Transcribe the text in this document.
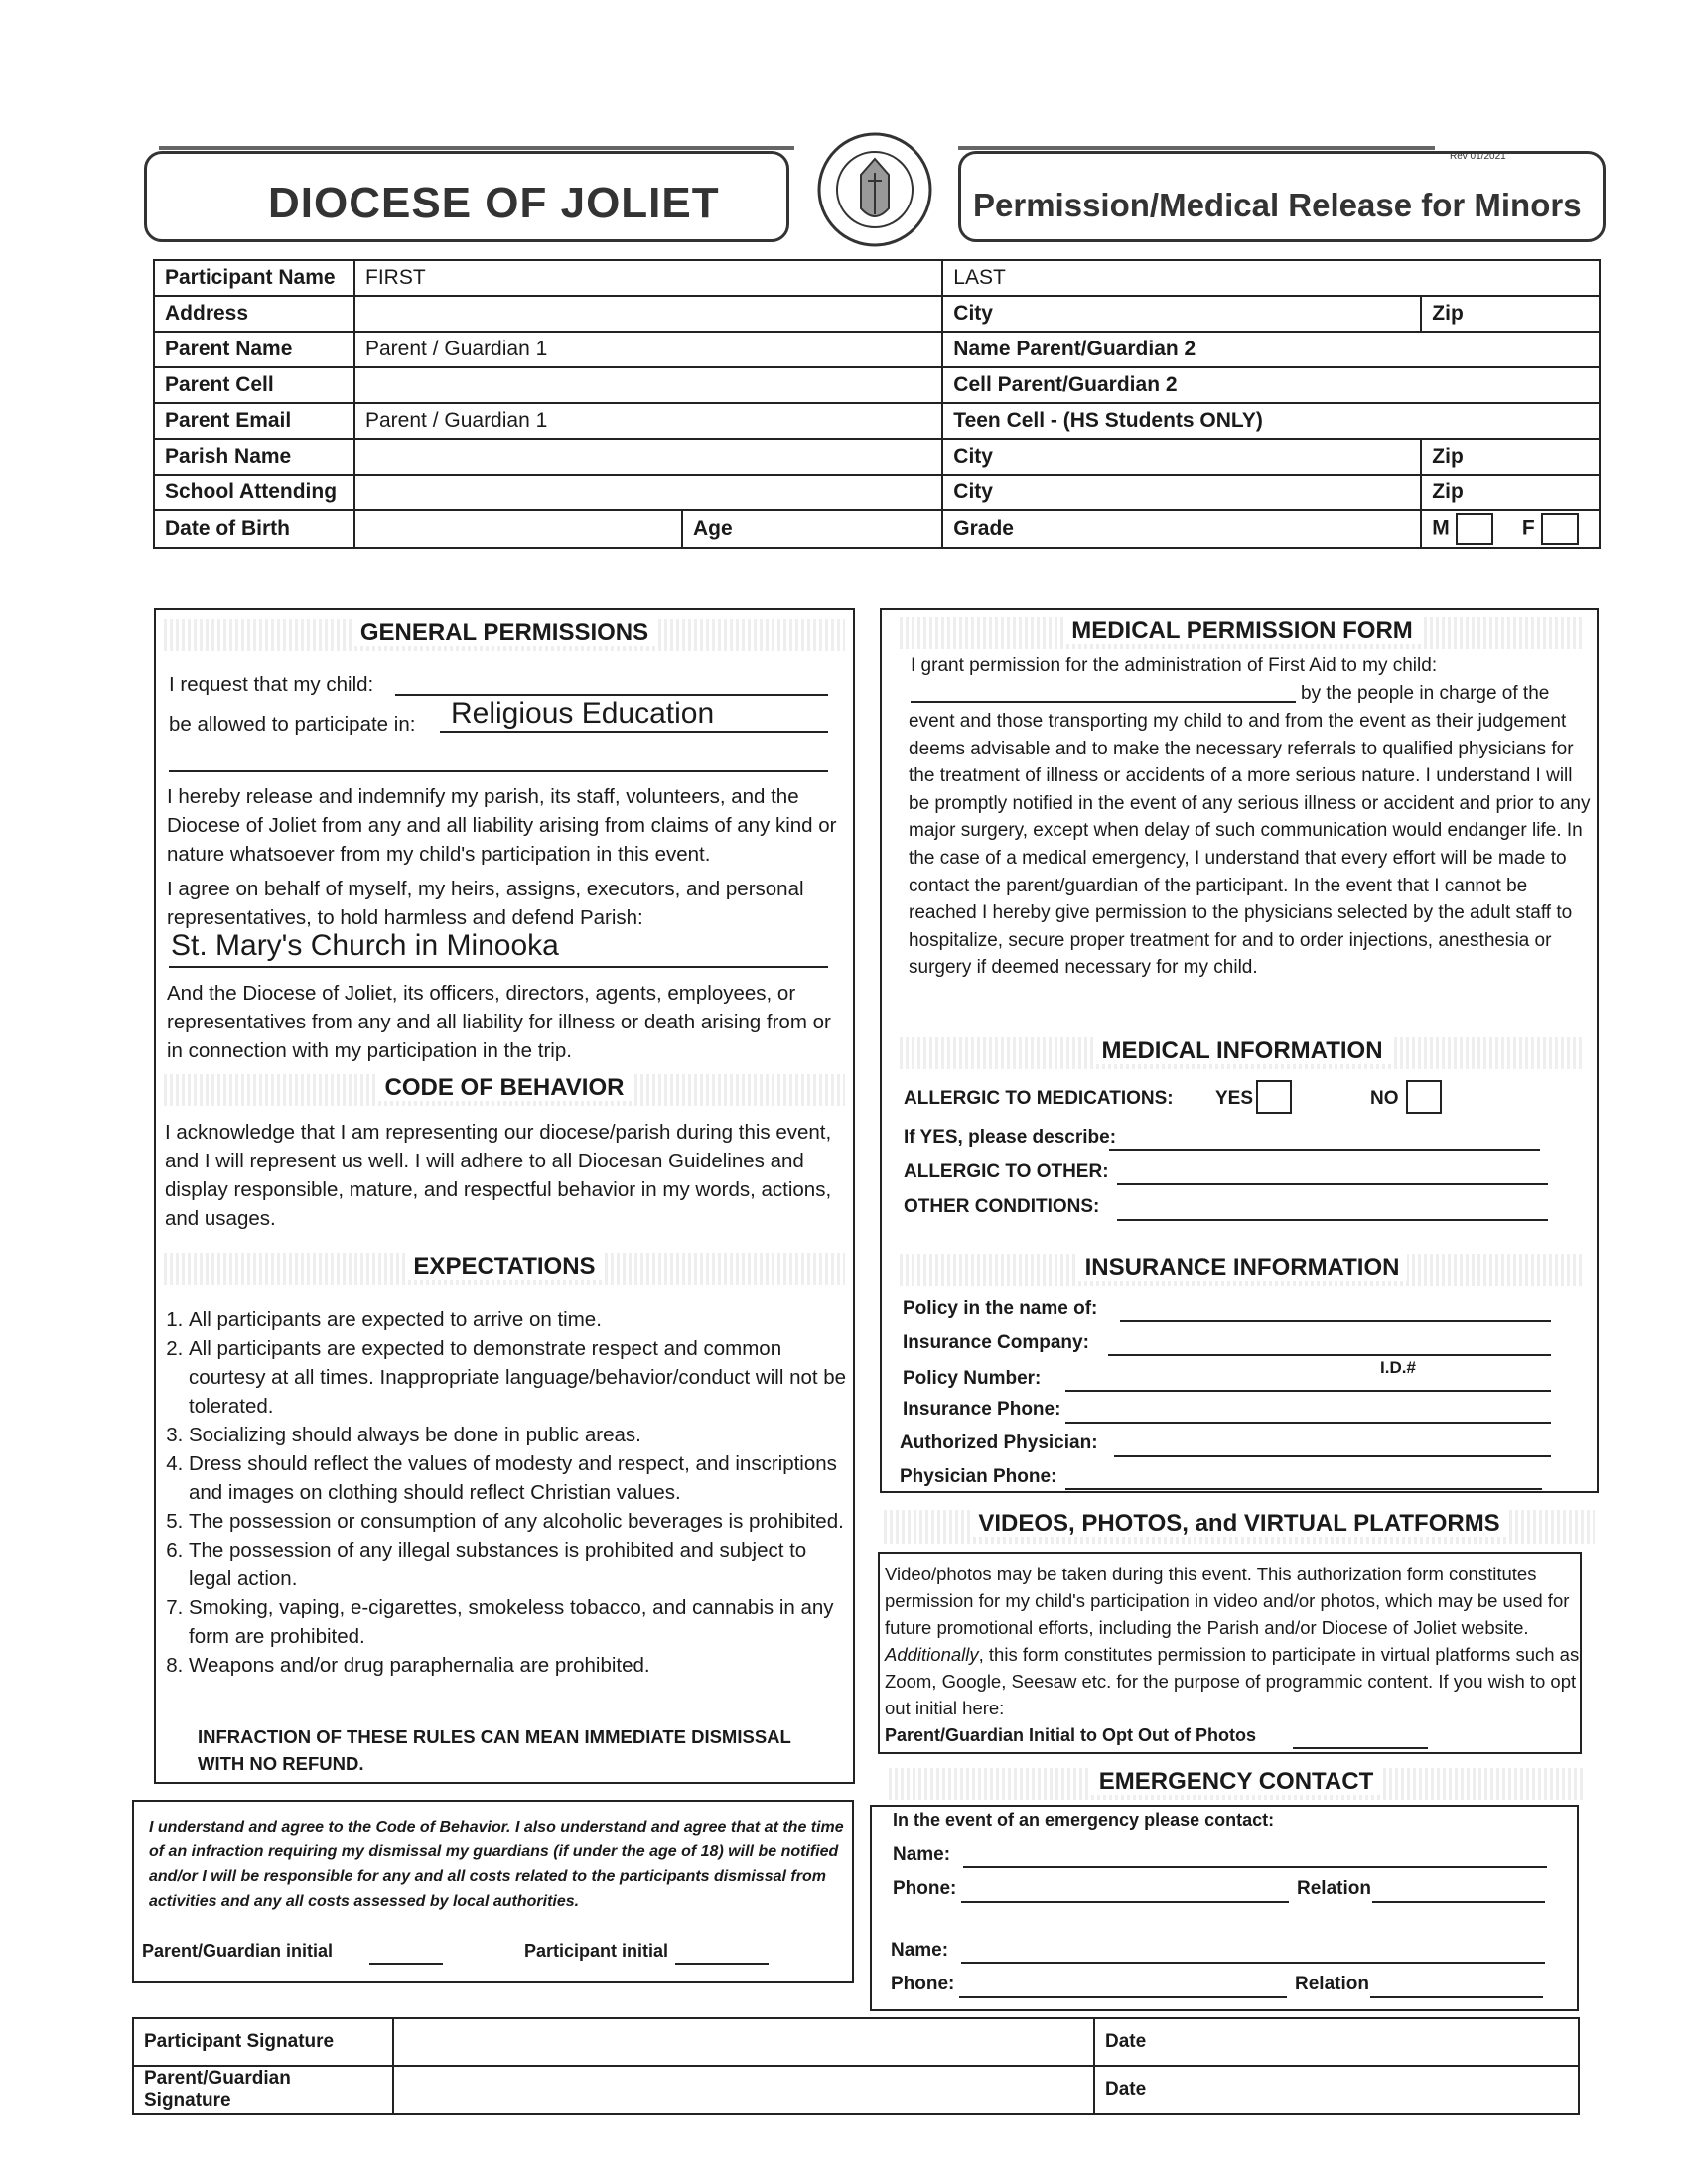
DIOCESE OF JOLIET	Permission/Medical Release for Minors
Rev 01/2021
Participant Name	FIRST		LAST	
Address			City	Zip
Parent Name	Parent / Guardian 1		Name Parent/Guardian 2	
Parent Cell			Cell Parent/Guardian 2	
Parent Email	Parent / Guardian 1		Teen Cell - (HS Students ONLY)	
Parish Name			City	Zip
School Attending			City	Zip
Date of Birth		Age	Grade	M F
GENERAL PERMISSIONS
I request that my child:
be allowed to participate in: Religious Education
I hereby release and indemnify my parish, its staff, volunteers, and the Diocese of Joliet from any and all liability arising from claims of any kind or nature whatsoever from my child's participation in this event.
I agree on behalf of myself, my heirs, assigns, executors, and personal representatives, to hold harmless and defend Parish:
St. Mary's Church in Minooka
And the Diocese of Joliet, its officers, directors, agents, employees, or representatives from any and all liability for illness or death arising from or in connection with my participation in the trip.
CODE OF BEHAVIOR
I acknowledge that I am representing our diocese/parish during this event, and I will represent us well. I will adhere to all Diocesan Guidelines and display responsible, mature, and respectful behavior in my words, actions, and usages.
EXPECTATIONS
1. All participants are expected to arrive on time.
2. All participants are expected to demonstrate respect and common courtesy at all times. Inappropriate language/behavior/conduct will not be tolerated.
3. Socializing should always be done in public areas.
4. Dress should reflect the values of modesty and respect, and inscriptions and images on clothing should reflect Christian values.
5. The possession or consumption of any alcoholic beverages is prohibited.
6. The possession of any illegal substances is prohibited and subject to legal action.
7. Smoking, vaping, e-cigarettes, smokeless tobacco, and cannabis in any form are prohibited.
8. Weapons and/or drug paraphernalia are prohibited.
INFRACTION OF THESE RULES CAN MEAN IMMEDIATE DISMISSAL WITH NO REFUND.
I understand and agree to the Code of Behavior. I also understand and agree that at the time of an infraction requiring my dismissal my guardians (if under the age of 18) will be notified and/or I will be responsible for any and all costs related to the participants dismissal from activities and any all costs assessed by local authorities.
Parent/Guardian initial	Participant initial
MEDICAL PERMISSION FORM
I grant permission for the administration of First Aid to my child:
by the people in charge of the
event and those transporting my child to and from the event as their judgement deems advisable and to make the necessary referrals to qualified physicians for the treatment of illness or accidents of a more serious nature. I understand I will be promptly notified in the event of any serious illness or accident and prior to any major surgery, except when delay of such communication would endanger life. In the case of a medical emergency, I understand that every effort will be made to contact the parent/guardian of the participant. In the event that I cannot be reached I hereby give permission to the physicians selected by the adult staff to hospitalize, secure proper treatment for and to order injections, anesthesia or surgery if deemed necessary for my child.
MEDICAL INFORMATION
ALLERGIC TO MEDICATIONS: YES	NO
If YES, please describe:
ALLERGIC TO OTHER:
OTHER CONDITIONS:
INSURANCE INFORMATION
Policy in the name of:
Insurance Company:
Policy Number:
I.D.#
Insurance Phone:
Authorized Physician:
Physician Phone:
VIDEOS, PHOTOS, and VIRTUAL PLATFORMS
Video/photos may be taken during this event. This authorization form constitutes permission for my child's participation in video and/or photos, which may be used for future promotional efforts, including the Parish and/or Diocese of Joliet website. Additionally, this form constitutes permission to participate in virtual platforms such as Zoom, Google, Seesaw etc. for the purpose of programmic content. If you wish to opt out initial here:
Parent/Guardian Initial to Opt Out of Photos
EMERGENCY CONTACT
In the event of an emergency please contact:
Name:
Phone:	Relation
Name:
Phone:	Relation
Participant Signature		Date
Parent/Guardian Signature		Date
